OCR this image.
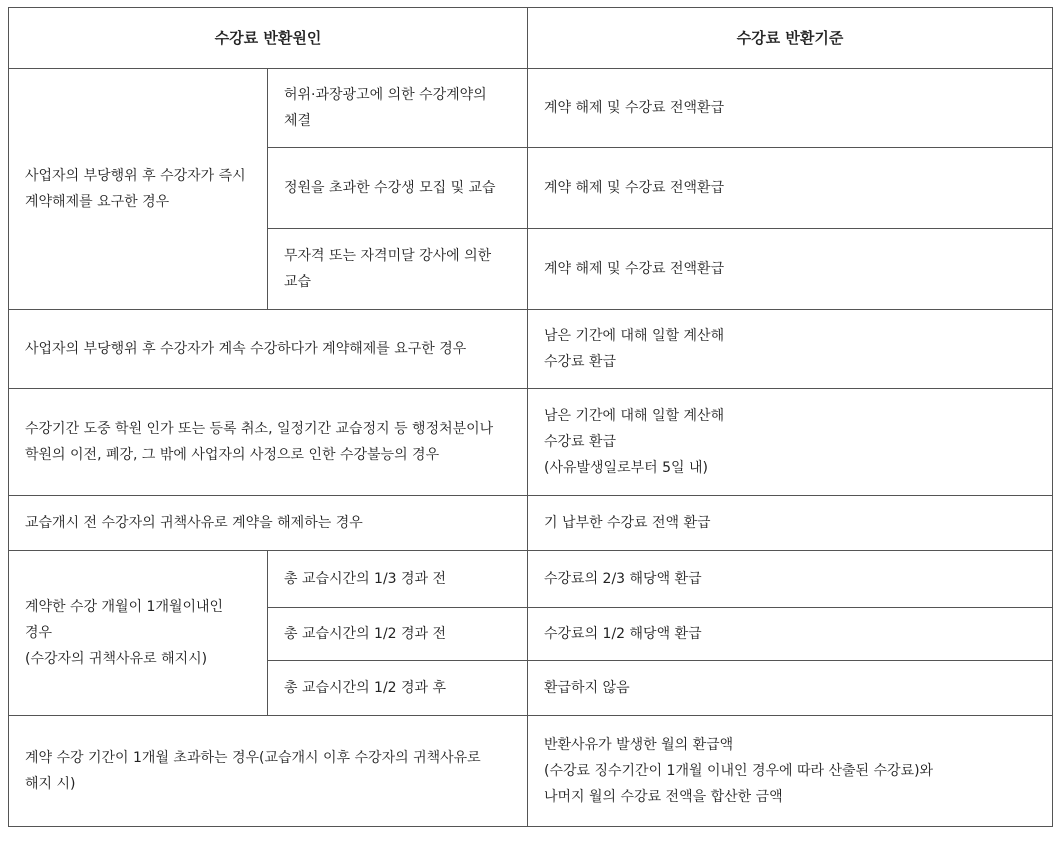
수강료 반환원인		수강료 반환기준
사업자의 부당행위 후 수강자가 즉시 계약해제를 요구한 경우	허위·과장광고에 의한 수강계약의 체결	계약 해제 및 수강료 전액환급
	정원을 초과한 수강생 모집 및 교습	계약 해제 및 수강료 전액환급
	무자격 또는 자격미달 강사에 의한 교습	계약 해제 및 수강료 전액환급
사업자의 부당행위 후 수강자가 계속 수강하다가 계약해제를 요구한 경우		남은 기간에 대해 일할 계산해
수강료 환급
수강기간 도중 학원 인가 또는 등록 취소, 일정기간 교습정지 등 행정처분이나 학원의 이전, 폐강, 그 밖에 사업자의 사정으로 인한 수강불능의 경우		남은 기간에 대해 일할 계산해
수강료 환급
(사유발생일로부터 5일 내)
교습개시 전 수강자의 귀책사유로 계약을 해제하는 경우		기 납부한 수강료 전액 환급
계약한 수강 개월이 1개월이내인 경우
(수강자의 귀책사유로 해지시)	총 교습시간의 1/3 경과 전	수강료의 2/3 해당액 환급
	총 교습시간의 1/2 경과 전	수강료의 1/2 해당액 환급
	총 교습시간의 1/2 경과 후	환급하지 않음
계약 수강 기간이 1개월 초과하는 경우(교습개시 이후 수강자의 귀책사유로 해지 시)		반환사유가 발생한 월의 환급액
(수강료 징수기간이 1개월 이내인 경우에 따라 산출된 수강료)와
나머지 월의 수강료 전액을 합산한 금액
